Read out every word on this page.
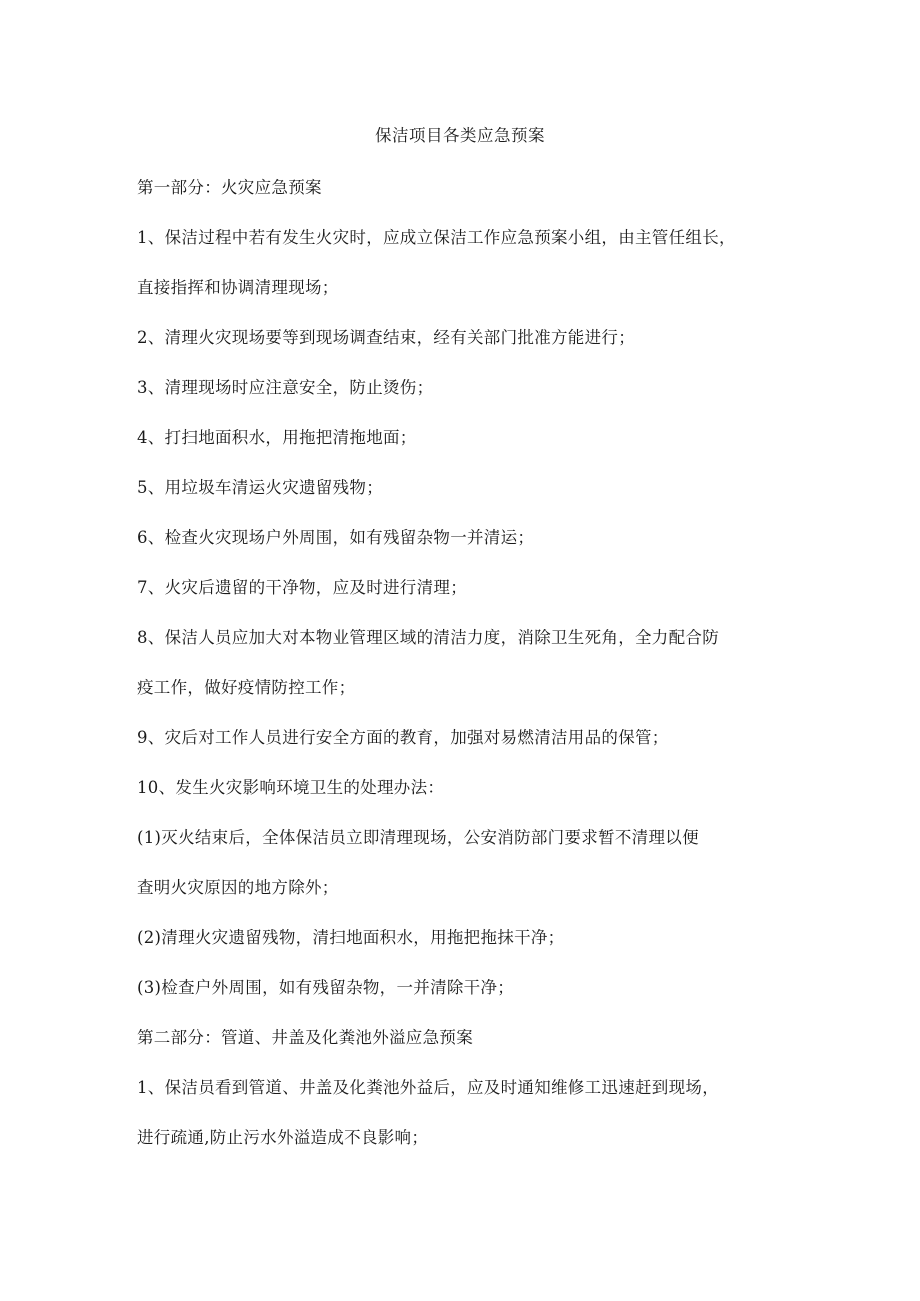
保洁项目各类应急预案

第一部分：火灾应急预案

1、保洁过程中若有发生火灾时，应成立保洁工作应急预案小组，由主管任组长，

直接指挥和协调清理现场；

2、清理火灾现场要等到现场调查结束，经有关部门批准方能进行；

3、清理现场时应注意安全，防止烫伤；

4、打扫地面积水，用拖把清拖地面；

5、用垃圾车清运火灾遗留残物；

6、检查火灾现场户外周围，如有残留杂物一并清运；

7、火灾后遗留的干净物，应及时进行清理；

8、保洁人员应加大对本物业管理区域的清洁力度，消除卫生死角，全力配合防

疫工作，做好疫情防控工作；

9、灾后对工作人员进行安全方面的教育，加强对易燃清洁用品的保管；

10、发生火灾影响环境卫生的处理办法：

(1)灭火结束后，全体保洁员立即清理现场，公安消防部门要求暂不清理以便

查明火灾原因的地方除外；

(2)清理火灾遗留残物，清扫地面积水，用拖把拖抹干净；

(3)检查户外周围，如有残留杂物，一并清除干净；

第二部分：管道、井盖及化粪池外溢应急预案

1、保洁员看到管道、井盖及化粪池外益后，应及时通知维修工迅速赶到现场，

进行疏通,防止污水外溢造成不良影响；
